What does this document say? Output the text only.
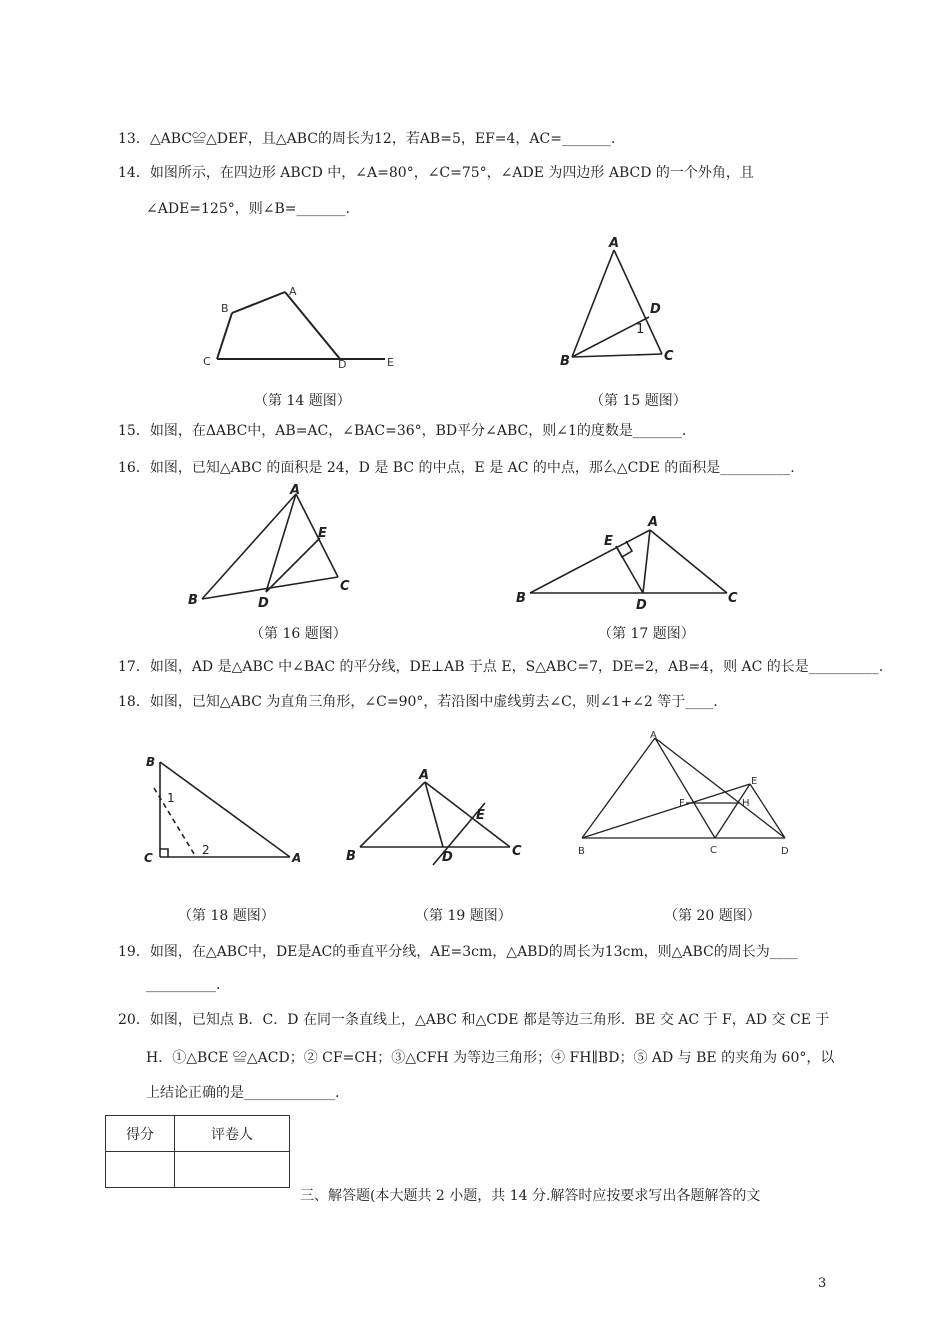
13．△ABC≌△DEF，且△ABC的周长为12，若AB=5，EF=4，AC=_______.
14．如图所示，在四边形 ABCD 中，∠A=80°，∠C=75°，∠ADE 为四边形 ABCD 的一个外角，且
∠ADE=125°，则∠B=_______.
B
A
C	D	E
A
B	C
D
1
（第 14 题图）	（第 15 题图）
15．如图，在ΔABC中，AB=AC，∠BAC=36°，BD平分∠ABC，则∠1的度数是_______.
16．如图，已知△ABC 的面积是 24，D 是 BC 的中点，E 是 AC 的中点，那么△CDE 的面积是__________.
A
B
C
D
E
A
B	C
D
E
（第 16 题图）	（第 17 题图）
17．如图，AD 是△ABC 中∠BAC 的平分线，DE⊥AB 于点 E，S△ABC=7，DE=2，AB=4，则 AC 的长是__________.
18．如图，已知△ABC 为直角三角形，∠C=90°，若沿图中虚线剪去∠C，则∠1+∠2 等于____.
B
C	A
1
2
A
B	C
D
E
A
B	C	D
E
F	H
（第 18 题图）	（第 19 题图）	（第 20 题图）
19．如图，在△ABC中，DE是AC的垂直平分线，AE=3cm，△ABD的周长为13cm，则△ABC的周长为____
__________.
20．如图，已知点 B．C．D 在同一条直线上，△ABC 和△CDE 都是等边三角形．BE 交 AC 于 F，AD 交 CE 于
H．①△BCE ≌△ACD；② CF=CH；③△CFH 为等边三角形；④ FH∥BD；⑤ AD 与 BE 的夹角为 60°，以
上结论正确的是_____________.
得分	评卷人

三、解答题(本大题共 2 小题，共 14 分.解答时应按要求写出各题解答的文
3
